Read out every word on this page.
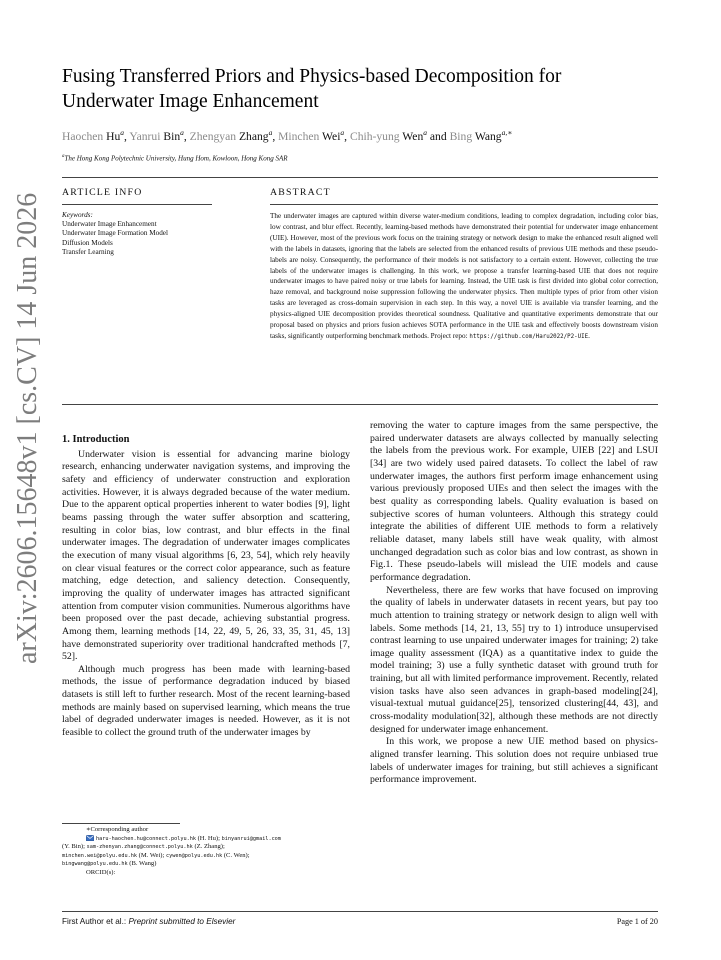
arXiv:2606.15648v1 [cs.CV] 14 Jun 2026
Fusing Transferred Priors and Physics-based Decomposition for
Underwater Image Enhancement
Haochen Hu$^a$, Yanrui Bin$^a$, Zhengyan Zhang$^a$, Minchen Wei$^a$, Chih-yung Wen$^a$ and Bing Wang$^{a,∗}$
$^a$The Hong Kong Polytechnic University, Hung Hom, Kowloon, Hong Kong SAR
ARTICLE INFO	ABSTRACT
Keywords:
Underwater Image Enhancement
Underwater Image Formation Model
Diffusion Models
Transfer Learning
The underwater images are captured within diverse water-medium conditions, leading to complex degradation, including color bias, low contrast, and blur effect. Recently, learning-based methods have demonstrated their potential for underwater image enhancement (UIE). However, most of the previous work focus on the training strategy or network design to make the enhanced result aligned well with the labels in datasets, ignoring that the labels are selected from the enhanced results of previous UIE methods and these pseudo-labels are noisy. Consequently, the performance of their models is not satisfactory to a certain extent. However, collecting the true labels of the underwater images is challenging. In this work, we propose a transfer learning-based UIE that does not require underwater images to have paired noisy or true labels for learning. Instead, the UIE task is first divided into global color correction, haze removal, and background noise suppression following the underwater physics. Then multiple types of prior from other vision tasks are leveraged as cross-domain supervision in each step. In this way, a novel UIE is available via transfer learning, and the physics-aligned UIE decomposition provides theoretical soundness. Qualitative and quantitative experiments demonstrate that our proposal based on physics and priors fusion achieves SOTA performance in the UIE task and effectively boosts downstream vision tasks, significantly outperforming benchmark methods. Project repo: https://github.com/Haru2022/P2-UIE.
1. Introduction

Underwater vision is essential for advancing marine biology research, enhancing underwater navigation systems, and improving the safety and efficiency of underwater construction and exploration activities. However, it is always degraded because of the water medium. Due to the apparent optical properties inherent to water bodies [9], light beams passing through the water suffer absorption and scattering, resulting in color bias, low contrast, and blur effects in the final underwater images. The degradation of underwater images complicates the execution of many visual algorithms [6, 23, 54], which rely heavily on clear visual features or the correct color appearance, such as feature matching, edge detection, and saliency detection. Consequently, improving the quality of underwater images has attracted significant attention from computer vision communities. Numerous algorithms have been proposed over the past decade, achieving substantial progress. Among them, learning methods [14, 22, 49, 5, 26, 33, 35, 31, 45, 13] have demonstrated superiority over traditional handcrafted methods [7, 52].

Although much progress has been made with learning-based methods, the issue of performance degradation induced by biased datasets is still left to further research. Most of the recent learning-based methods are mainly based on supervised learning, which means the true label of degraded underwater images is needed. However, as it is not feasible to collect the ground truth of the underwater images by

removing the water to capture images from the same perspective, the paired underwater datasets are always collected by manually selecting the labels from the previous work. For example, UIEB [22] and LSUI [34] are two widely used paired datasets. To collect the label of raw underwater images, the authors first perform image enhancement using various previously proposed UIEs and then select the images with the best quality as corresponding labels. Quality evaluation is based on subjective scores of human volunteers. Although this strategy could integrate the abilities of different UIE methods to form a relatively reliable dataset, many labels still have weak quality, with almost unchanged degradation such as color bias and low contrast, as shown in Fig.1. These pseudo-labels will mislead the UIE models and cause performance degradation.

Nevertheless, there are few works that have focused on improving the quality of labels in underwater datasets in recent years, but pay too much attention to training strategy or network design to align well with labels. Some methods [14, 21, 13, 55] try to 1) introduce unsupervised contrast learning to use unpaired underwater images for training; 2) take image quality assessment (IQA) as a quantitative index to guide the model training; 3) use a fully synthetic dataset with ground truth for training, but all with limited performance improvement. Recently, related vision tasks have also seen advances in graph-based modeling[24], visual-textual mutual guidance[25], tensorized clustering[44, 43], and cross-modality modulation[32], although these methods are not directly designed for underwater image enhancement.

In this work, we propose a new UIE method based on physics-aligned transfer learning. This solution does not require unbiased true labels of underwater images for training, but still achieves a significant performance improvement.

∗Corresponding author
haru-haochen.hu@connect.polyu.hk (H. Hu); binyanrui@gmail.com
(Y. Bin); sam-zhenyan.zhang@connect.polyu.hk (Z. Zhang);
minchen.wei@polyu.edu.hk (M. Wei); cywen@polyu.edu.hk (C. Wen);
bingwang@polyu.edu.hk (B. Wang)
ORCID(s):
First Author et al.: Preprint submitted to Elsevier	Page 1 of 20
